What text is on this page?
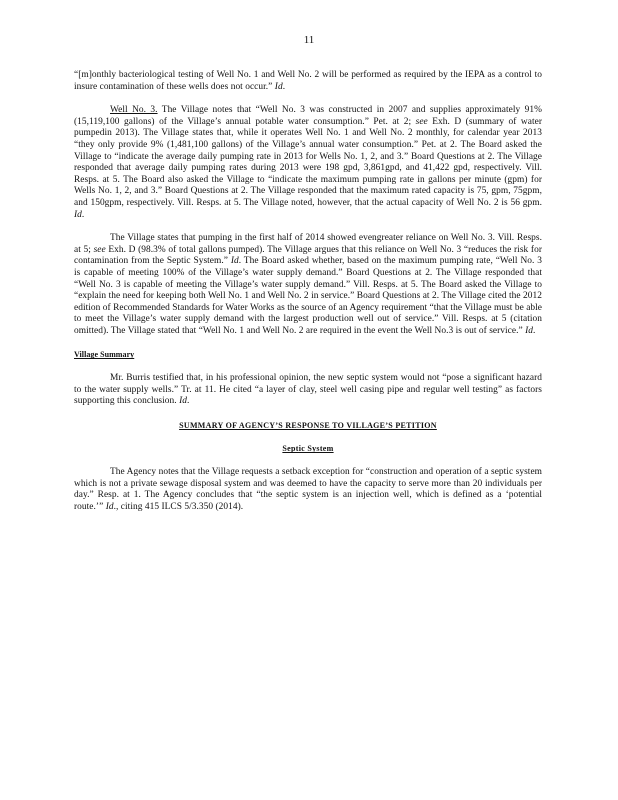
11

“[m]onthly bacteriological testing of Well No. 1 and Well No. 2 will be performed as required by the IEPA as a control to insure contamination of these wells does not occur.” Id.

Well No. 3. The Village notes that “Well No. 3 was constructed in 2007 and supplies approximately 91% (15,119,100 gallons) of the Village’s annual potable water consumption.” Pet. at 2; see Exh. D (summary of water pumpedin 2013). The Village states that, while it operates Well No. 1 and Well No. 2 monthly, for calendar year 2013 “they only provide 9% (1,481,100 gallons) of the Village’s annual water consumption.” Pet. at 2. The Board asked the Village to “indicate the average daily pumping rate in 2013 for Wells No. 1, 2, and 3.” Board Questions at 2. The Village responded that average daily pumping rates during 2013 were 198 gpd, 3,861gpd, and 41,422 gpd, respectively. Vill. Resps. at 5. The Board also asked the Village to “indicate the maximum pumping rate in gallons per minute (gpm) for Wells No. 1, 2, and 3.” Board Questions at 2. The Village responded that the maximum rated capacity is 75, gpm, 75gpm, and 150gpm, respectively. Vill. Resps. at 5. The Village noted, however, that the actual capacity of Well No. 2 is 56 gpm. Id.

The Village states that pumping in the first half of 2014 showed evengreater reliance on Well No. 3. Vill. Resps. at 5; see Exh. D (98.3% of total gallons pumped). The Village argues that this reliance on Well No. 3 “reduces the risk for contamination from the Septic System.” Id. The Board asked whether, based on the maximum pumping rate, “Well No. 3 is capable of meeting 100% of the Village’s water supply demand.” Board Questions at 2. The Village responded that “Well No. 3 is capable of meeting the Village’s water supply demand.” Vill. Resps. at 5. The Board asked the Village to “explain the need for keeping both Well No. 1 and Well No. 2 in service.” Board Questions at 2. The Village cited the 2012 edition of Recommended Standards for Water Works as the source of an Agency requirement “that the Village must be able to meet the Village’s water supply demand with the largest production well out of service.” Vill. Resps. at 5 (citation omitted). The Village stated that “Well No. 1 and Well No. 2 are required in the event the Well No.3 is out of service.” Id.

Village Summary

Mr. Burris testified that, in his professional opinion, the new septic system would not “pose a significant hazard to the water supply wells.” Tr. at 11. He cited “a layer of clay, steel well casing pipe and regular well testing” as factors supporting this conclusion. Id.

SUMMARY OF AGENCY’S RESPONSE TO VILLAGE’S PETITION

Septic System

The Agency notes that the Village requests a setback exception for “construction and operation of a septic system which is not a private sewage disposal system and was deemed to have the capacity to serve more than 20 individuals per day.” Resp. at 1. The Agency concludes that “the septic system is an injection well, which is defined as a ‘potential route.’” Id., citing 415 ILCS 5/3.350 (2014).
